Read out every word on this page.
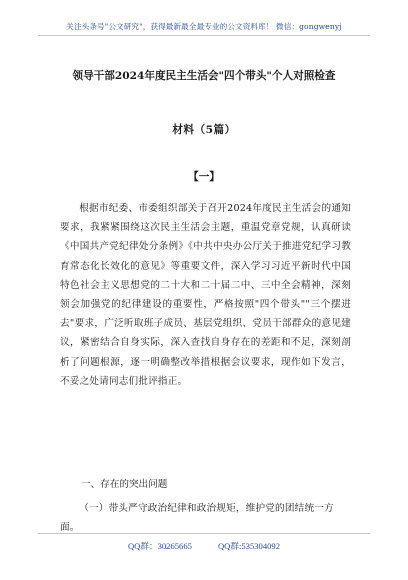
关注头条号"公文研究"，获得最新最全最专业的公文资料库！ 微信：gongwenyj
领导干部2024年度民主生活会"四个带头"个人对照检查
材料（5篇）
【一】

根据市纪委、市委组织部关于召开2024年度民主生活会的通知要求，我紧紧围绕这次民主生活会主题，重温党章党规，认真研读《中国共产党纪律处分条例》《中共中央办公厅关于推进党纪学习教育常态化长效化的意见》等重要文件，深入学习习近平新时代中国特色社会主义思想党的二十大和二十届二中、三中全会精神，深刻领会加强党的纪律建设的重要性，严格按照"四个带头""三个摆进去"要求，广泛听取班子成员、基层党组织、党员干部群众的意见建议，紧密结合自身实际，深入查找自身存在的差距和不足，深刻剖析了问题根源，逐一明确整改举措根据会议要求，现作如下发言，不妥之处请同志们批评指正。

一、存在的突出问题

（一）带头严守政治纪律和政治规矩，维护党的团结统一方面。

QQ群：30265665	QQ群:535304092
